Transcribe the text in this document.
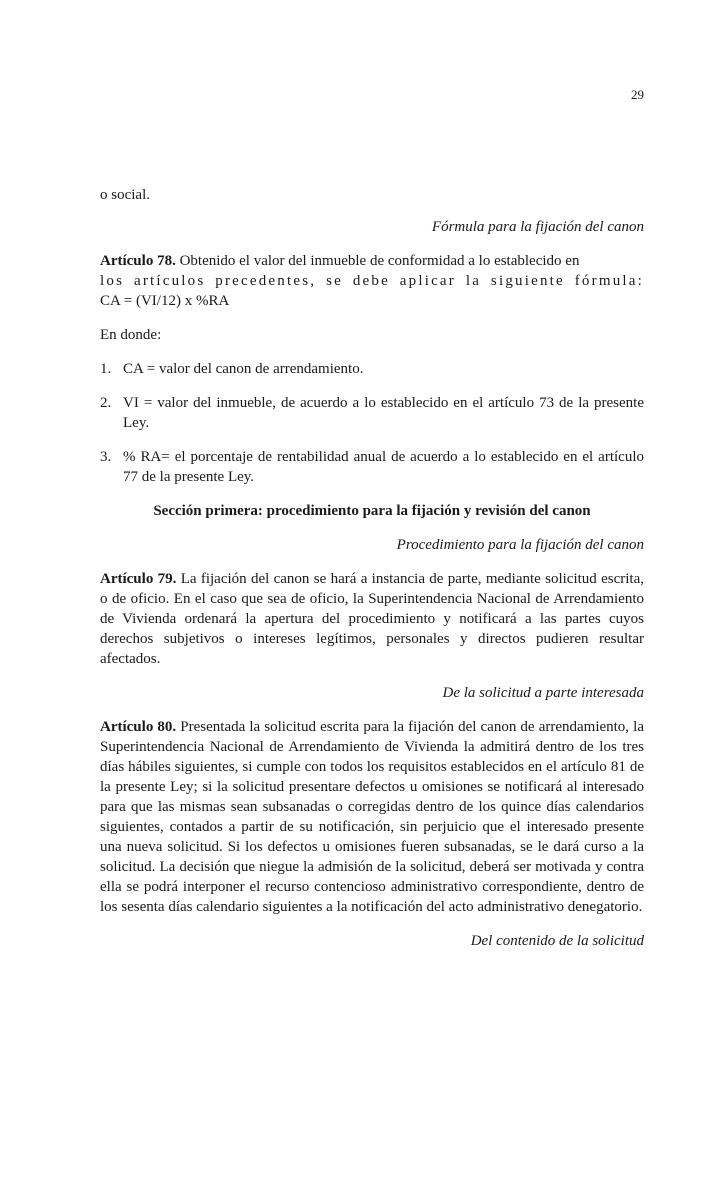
29

o social.

Fórmula para la fijación del canon

Artículo 78. Obtenido el valor del inmueble de conformidad a lo establecido en

los artículos precedentes, se debe aplicar la siguiente fórmula:

CA = (VI/12) x %RA

En donde:

1. CA = valor del canon de arrendamiento.
2. VI = valor del inmueble, de acuerdo a lo establecido en el artículo 73 de la presente Ley.
3. % RA= el porcentaje de rentabilidad anual de acuerdo a lo establecido en el artículo 77 de la presente Ley.

Sección primera: procedimiento para la fijación y revisión del canon

Procedimiento para la fijación del canon

Artículo 79. La fijación del canon se hará a instancia de parte, mediante solicitud escrita, o de oficio. En el caso que sea de oficio, la Superintendencia Nacional de Arrendamiento de Vivienda ordenará la apertura del procedimiento y notificará a las partes cuyos derechos subjetivos o intereses legítimos, personales y directos pudieren resultar afectados.

De la solicitud a parte interesada

Artículo 80. Presentada la solicitud escrita para la fijación del canon de arrendamiento, la Superintendencia Nacional de Arrendamiento de Vivienda la admitirá dentro de los tres días hábiles siguientes, si cumple con todos los requisitos establecidos en el artículo 81 de la presente Ley; si la solicitud presentare defectos u omisiones se notificará al interesado para que las mismas sean subsanadas o corregidas dentro de los quince días calendarios siguientes, contados a partir de su notificación, sin perjuicio que el interesado presente una nueva solicitud. Si los defectos u omisiones fueren subsanadas, se le dará curso a la solicitud. La decisión que niegue la admisión de la solicitud, deberá ser motivada y contra ella se podrá interponer el recurso contencioso administrativo correspondiente, dentro de los sesenta días calendario siguientes a la notificación del acto administrativo denegatorio.

Del contenido de la solicitud
